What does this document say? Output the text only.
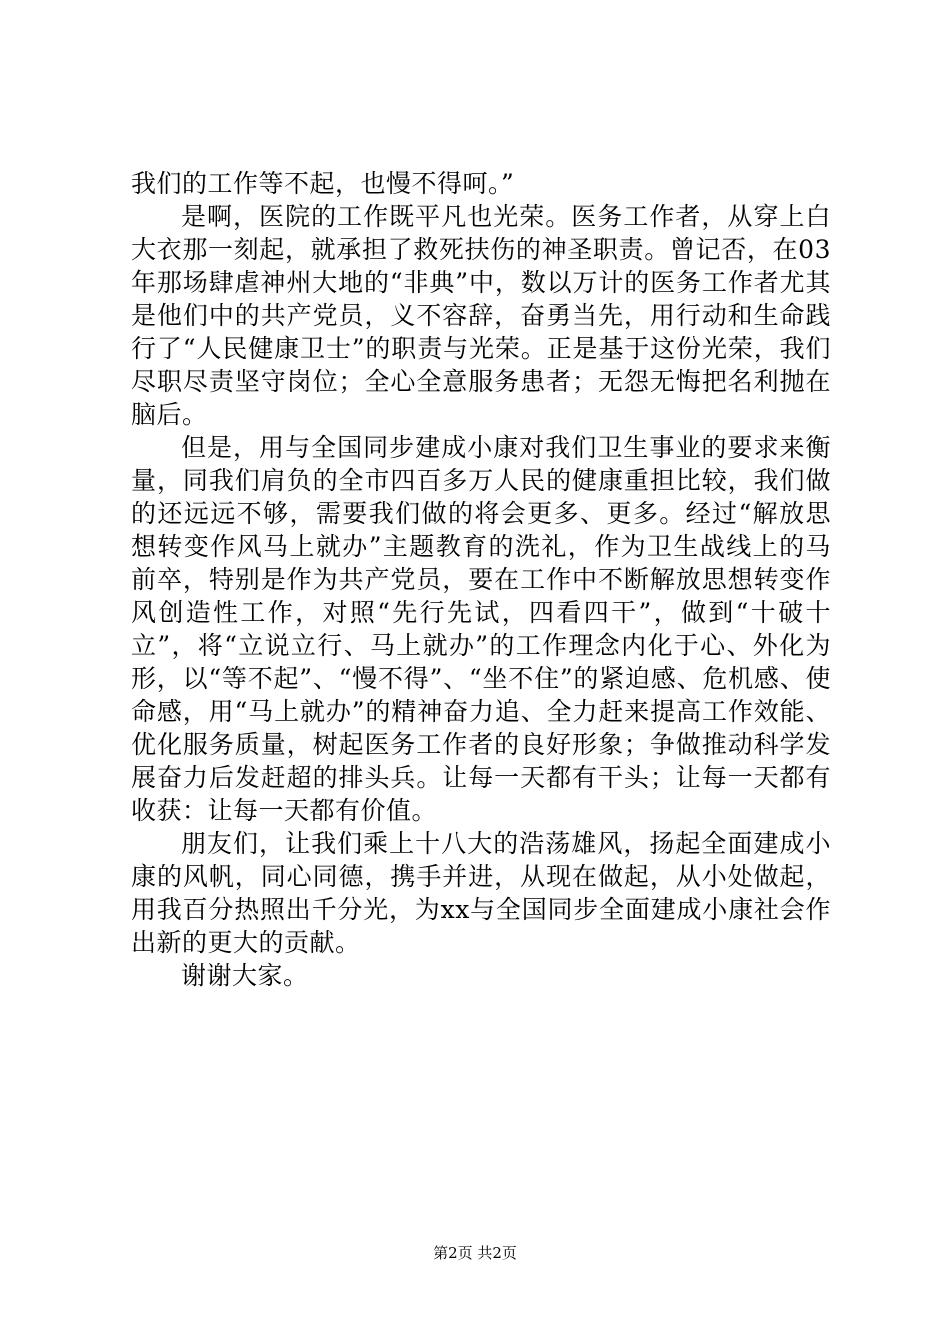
我们的工作等不起，也慢不得呵。”

是啊，医院的工作既平凡也光荣。医务工作者，从穿上白大衣那一刻起，就承担了救死扶伤的神圣职责。曾记否，在03年那场肆虐神州大地的“非典”中，数以万计的医务工作者尤其是他们中的共产党员，义不容辞，奋勇当先，用行动和生命践行了“人民健康卫士”的职责与光荣。正是基于这份光荣，我们尽职尽责坚守岗位；全心全意服务患者；无怨无悔把名利抛在脑后。

但是，用与全国同步建成小康对我们卫生事业的要求来衡量，同我们肩负的全市四百多万人民的健康重担比较，我们做的还远远不够，需要我们做的将会更多、更多。经过“解放思想转变作风马上就办”主题教育的洗礼，作为卫生战线上的马前卒，特别是作为共产党员，要在工作中不断解放思想转变作风创造性工作，对照“先行先试，四看四干”，做到“十破十立”，将“立说立行、马上就办”的工作理念内化于心、外化为形，以“等不起”、“慢不得”、“坐不住”的紧迫感、危机感、使命感，用“马上就办”的精神奋力追、全力赶来提高工作效能、优化服务质量，树起医务工作者的良好形象；争做推动科学发展奋力后发赶超的排头兵。让每一天都有干头；让每一天都有收获：让每一天都有价值。

朋友们，让我们乘上十八大的浩荡雄风，扬起全面建成小康的风帆，同心同德，携手并进，从现在做起，从小处做起，用我百分热照出千分光，为xx与全国同步全面建成小康社会作出新的更大的贡献。

谢谢大家。

第2页 共2页
